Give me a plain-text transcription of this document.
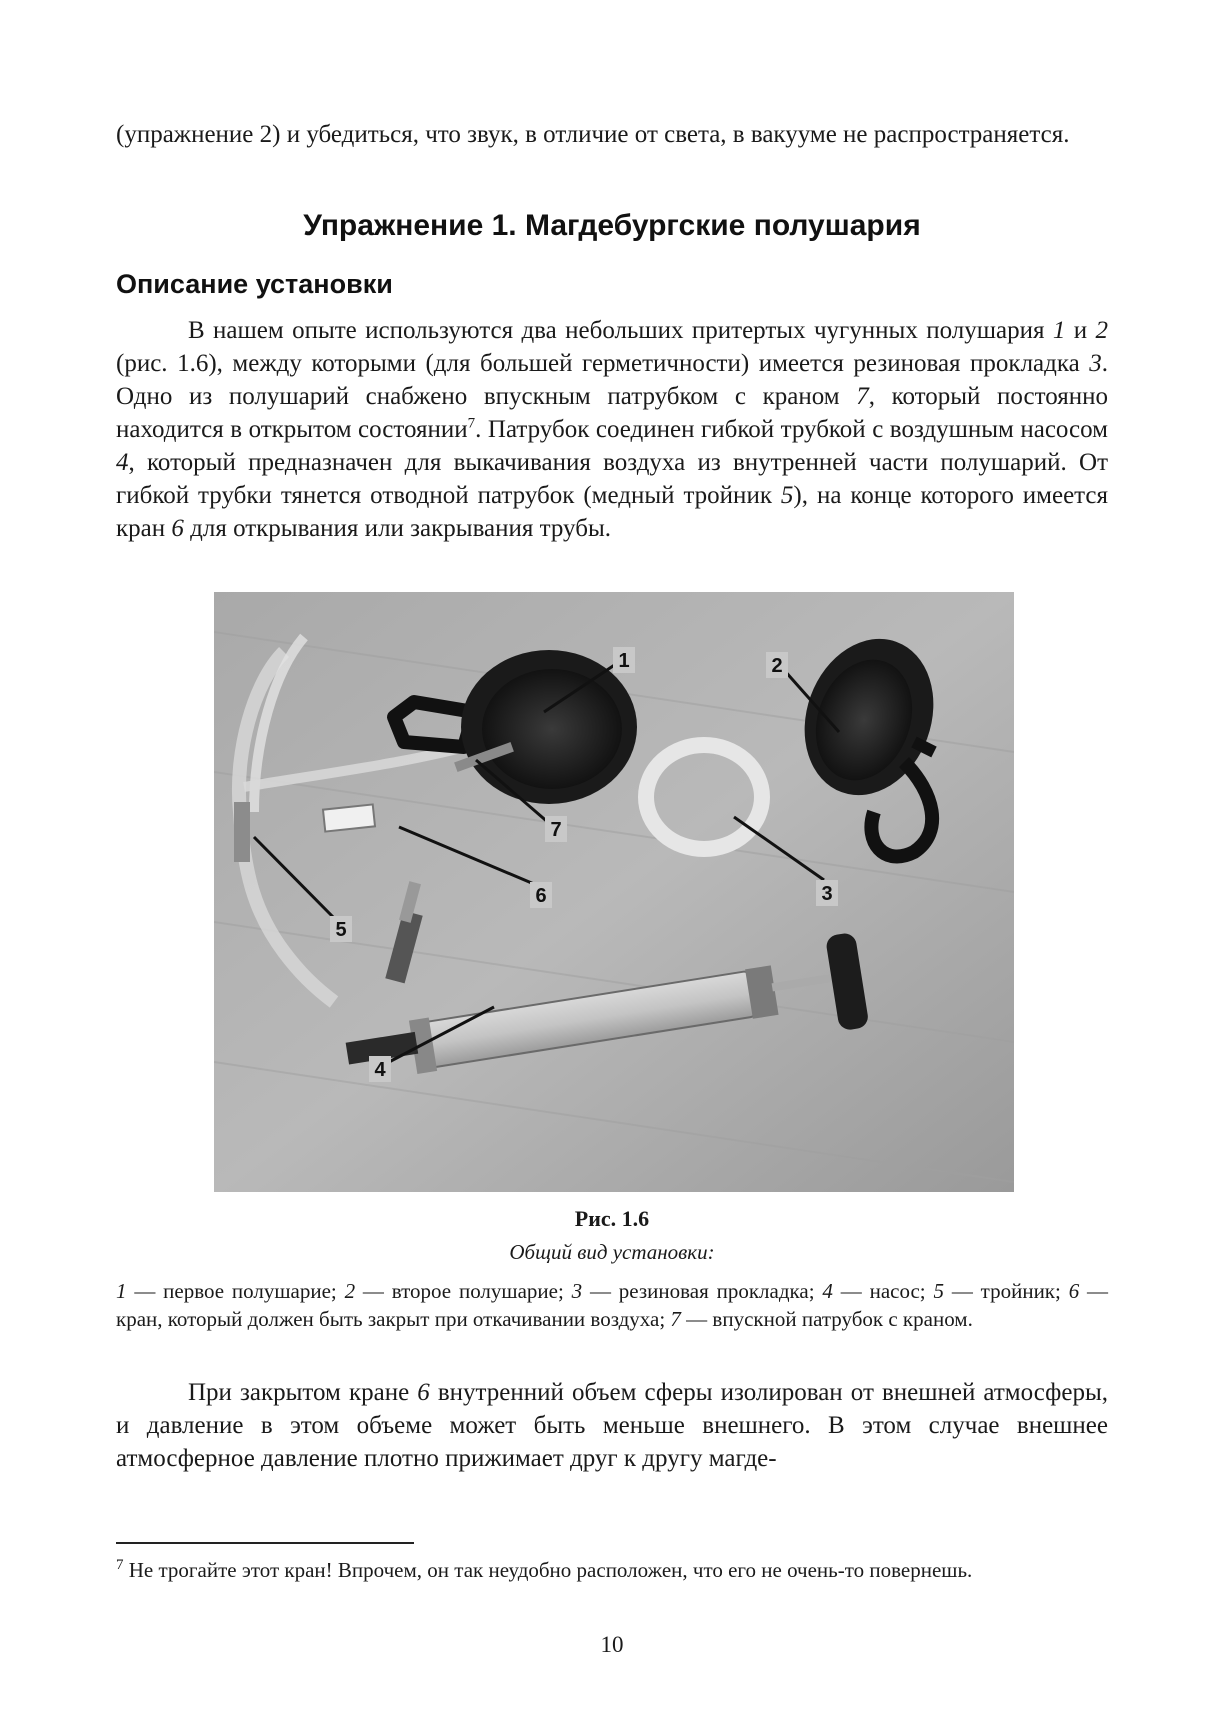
(упражнение 2) и убедиться, что звук, в отличие от света, в вакууме не распространяется.

Упражнение 1. Магдебургские полушария
Описание установки

В нашем опыте используются два небольших притертых чугунных полушария 1 и 2 (рис. 1.6), между которыми (для большей герметичности) имеется резиновая прокладка 3. Одно из полушарий снабжено впускным патрубком с краном 7, который постоянно находится в открытом состоянии$^7$. Патрубок соединен гибкой трубкой с воздушным насосом 4, который предназначен для выкачивания воздуха из внутренней части полушарий. От гибкой трубки тянется отводной патрубок (медный тройник 5), на конце которого имеется кран 6 для открывания или закрывания трубы.

1	2
3
4
5
6
7

Рис. 1.6

Общий вид установки:

1 — первое полушарие; 2 — второе полушарие; 3 — резиновая прокладка; 4 — насос; 5 — тройник; 6 — кран, который должен быть закрыт при откачивании воздуха; 7 — впускной патрубок с краном.

При закрытом кране 6 внутренний объем сферы изолирован от внешней атмосферы, и давление в этом объеме может быть меньше внешнего. В этом случае внешнее атмосферное давление плотно прижимает друг к другу магде-

$^7$ Не трогайте этот кран! Впрочем, он так неудобно расположен, что его не очень-то повернешь.

10
